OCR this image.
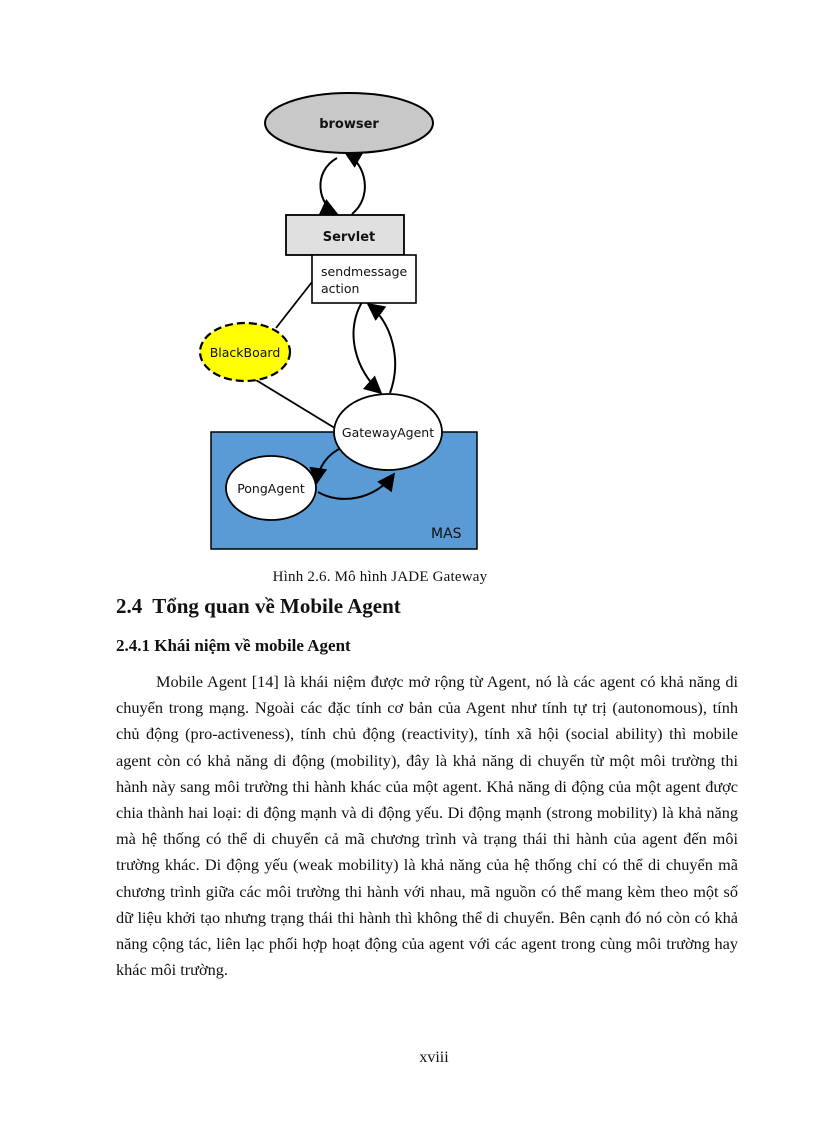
MAS
browser
Servlet
sendmessage
action
BlackBoard
GatewayAgent
PongAgent
Hình 2.6. Mô hình JADE Gateway
2.4 Tổng quan về Mobile Agent
2.4.1 Khái niệm về mobile Agent

Mobile Agent [14] là khái niệm được mở rộng từ Agent, nó là các agent có khả năng di chuyển trong mạng. Ngoài các đặc tính cơ bản của Agent như tính tự trị (autonomous), tính chủ động (pro-activeness), tính chủ động (reactivity), tính xã hội (social ability) thì mobile agent còn có khả năng di động (mobility), đây là khả năng di chuyển từ một môi trường thi hành này sang môi trường thi hành khác của một agent. Khả năng di động của một agent được chia thành hai loại: di động mạnh và di động yếu. Di động mạnh (strong mobility) là khả năng mà hệ thống có thể di chuyển cả mã chương trình và trạng thái thi hành của agent đến môi trường khác. Di động yếu (weak mobility) là khả năng của hệ thống chỉ có thể di chuyển mã chương trình giữa các môi trường thi hành với nhau, mã nguồn có thể mang kèm theo một số dữ liệu khởi tạo nhưng trạng thái thi hành thì không thể di chuyển. Bên cạnh đó nó còn có khả năng cộng tác, liên lạc phối hợp hoạt động của agent với các agent trong cùng môi trường hay khác môi trường.

xviii
